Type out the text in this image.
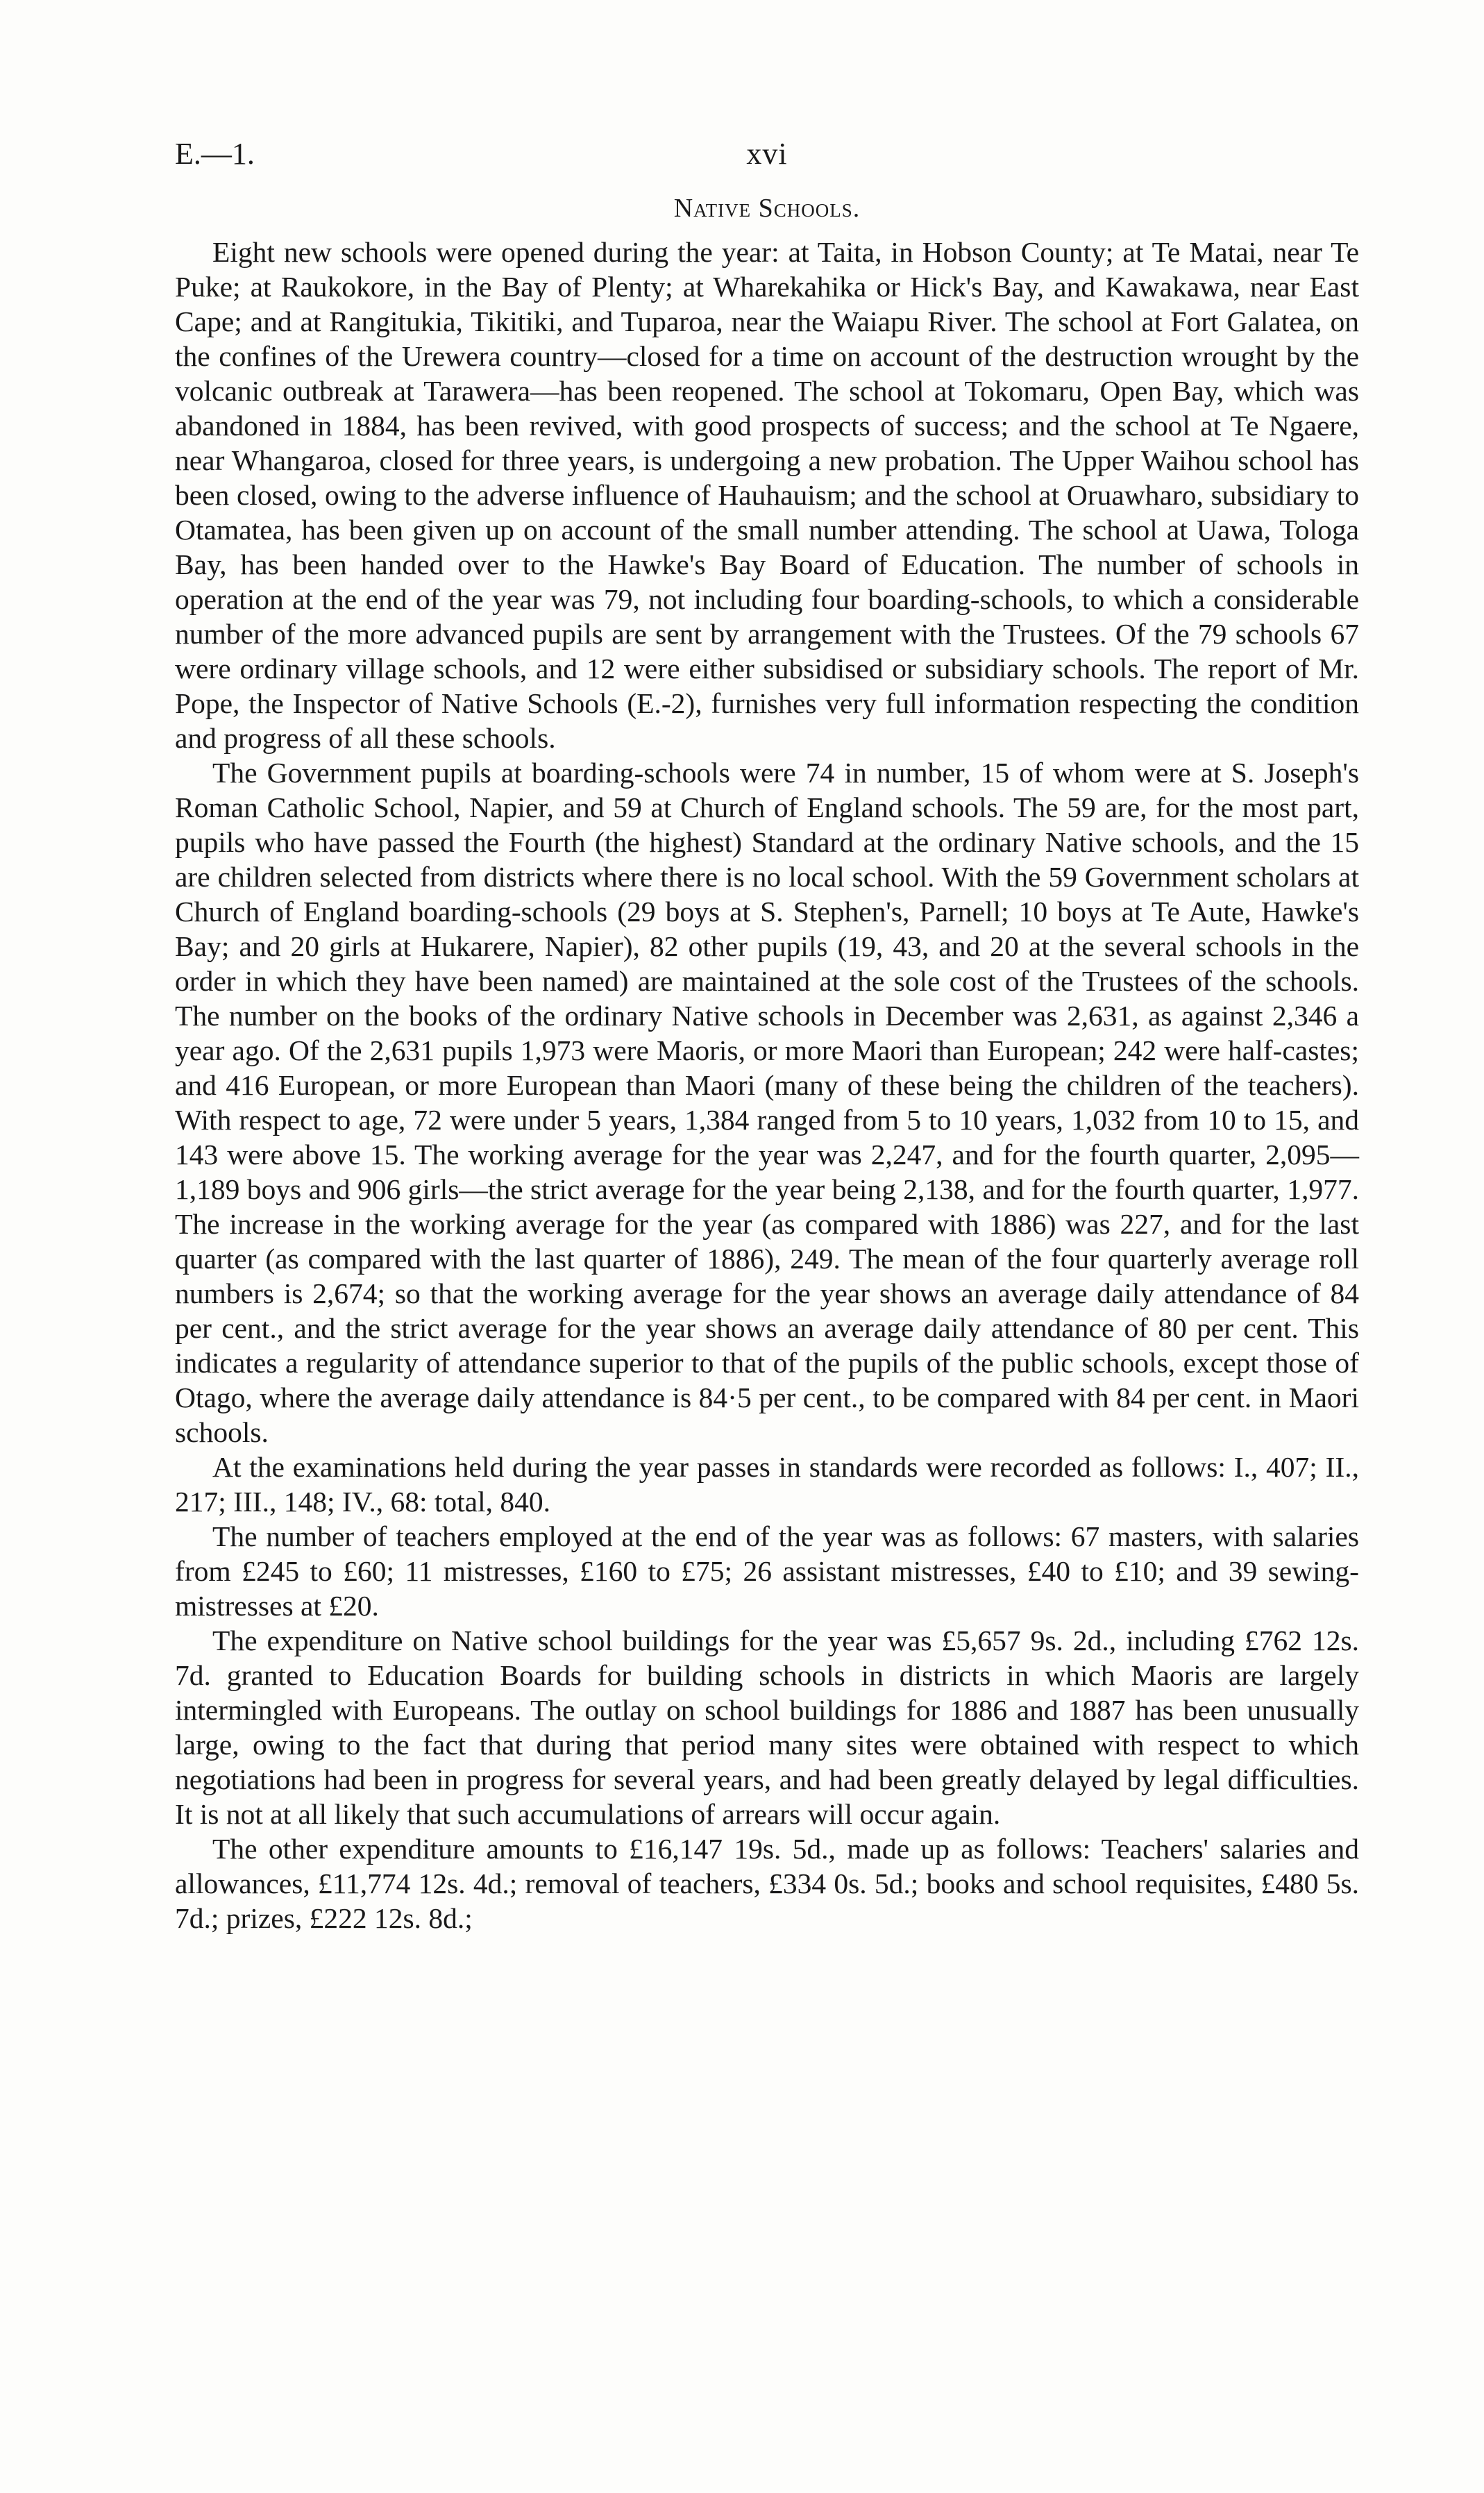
E.—1.	xvi
Native Schools.

Eight new schools were opened during the year: at Taita, in Hobson County; at Te Matai, near Te Puke; at Raukokore, in the Bay of Plenty; at Wharekahika or Hick's Bay, and Kawakawa, near East Cape; and at Rangitukia, Tikitiki, and Tuparoa, near the Waiapu River. The school at Fort Galatea, on the confines of the Urewera country—closed for a time on account of the destruction wrought by the volcanic outbreak at Tarawera—has been reopened. The school at Tokomaru, Open Bay, which was abandoned in 1884, has been revived, with good prospects of success; and the school at Te Ngaere, near Whangaroa, closed for three years, is undergoing a new probation. The Upper Waihou school has been closed, owing to the adverse influence of Hauhauism; and the school at Oruawharo, subsidiary to Otamatea, has been given up on account of the small number attending. The school at Uawa, Tologa Bay, has been handed over to the Hawke's Bay Board of Education. The number of schools in operation at the end of the year was 79, not including four boarding-schools, to which a considerable number of the more advanced pupils are sent by arrangement with the Trustees. Of the 79 schools 67 were ordinary village schools, and 12 were either subsidised or subsidiary schools. The report of Mr. Pope, the Inspector of Native Schools (E.-2), furnishes very full information respecting the condition and progress of all these schools.

The Government pupils at boarding-schools were 74 in number, 15 of whom were at S. Joseph's Roman Catholic School, Napier, and 59 at Church of England schools. The 59 are, for the most part, pupils who have passed the Fourth (the highest) Standard at the ordinary Native schools, and the 15 are children selected from districts where there is no local school. With the 59 Government scholars at Church of England boarding-schools (29 boys at S. Stephen's, Parnell; 10 boys at Te Aute, Hawke's Bay; and 20 girls at Hukarere, Napier), 82 other pupils (19, 43, and 20 at the several schools in the order in which they have been named) are maintained at the sole cost of the Trustees of the schools. The number on the books of the ordinary Native schools in December was 2,631, as against 2,346 a year ago. Of the 2,631 pupils 1,973 were Maoris, or more Maori than European; 242 were half-castes; and 416 European, or more European than Maori (many of these being the children of the teachers). With respect to age, 72 were under 5 years, 1,384 ranged from 5 to 10 years, 1,032 from 10 to 15, and 143 were above 15. The working average for the year was 2,247, and for the fourth quarter, 2,095—1,189 boys and 906 girls—the strict average for the year being 2,138, and for the fourth quarter, 1,977. The increase in the working average for the year (as compared with 1886) was 227, and for the last quarter (as compared with the last quarter of 1886), 249. The mean of the four quarterly average roll numbers is 2,674; so that the working average for the year shows an average daily attendance of 84 per cent., and the strict average for the year shows an average daily attendance of 80 per cent. This indicates a regularity of attendance superior to that of the pupils of the public schools, except those of Otago, where the average daily attendance is 84·5 per cent., to be compared with 84 per cent. in Maori schools.

At the examinations held during the year passes in standards were recorded as follows: I., 407; II., 217; III., 148; IV., 68: total, 840.

The number of teachers employed at the end of the year was as follows: 67 masters, with salaries from £245 to £60; 11 mistresses, £160 to £75; 26 assistant mistresses, £40 to £10; and 39 sewing-mistresses at £20.

The expenditure on Native school buildings for the year was £5,657 9s. 2d., including £762 12s. 7d. granted to Education Boards for building schools in districts in which Maoris are largely intermingled with Europeans. The outlay on school buildings for 1886 and 1887 has been unusually large, owing to the fact that during that period many sites were obtained with respect to which negotiations had been in progress for several years, and had been greatly delayed by legal difficulties. It is not at all likely that such accumulations of arrears will occur again.

The other expenditure amounts to £16,147 19s. 5d., made up as follows: Teachers' salaries and allowances, £11,774 12s. 4d.; removal of teachers, £334 0s. 5d.; books and school requisites, £480 5s. 7d.; prizes, £222 12s. 8d.;
